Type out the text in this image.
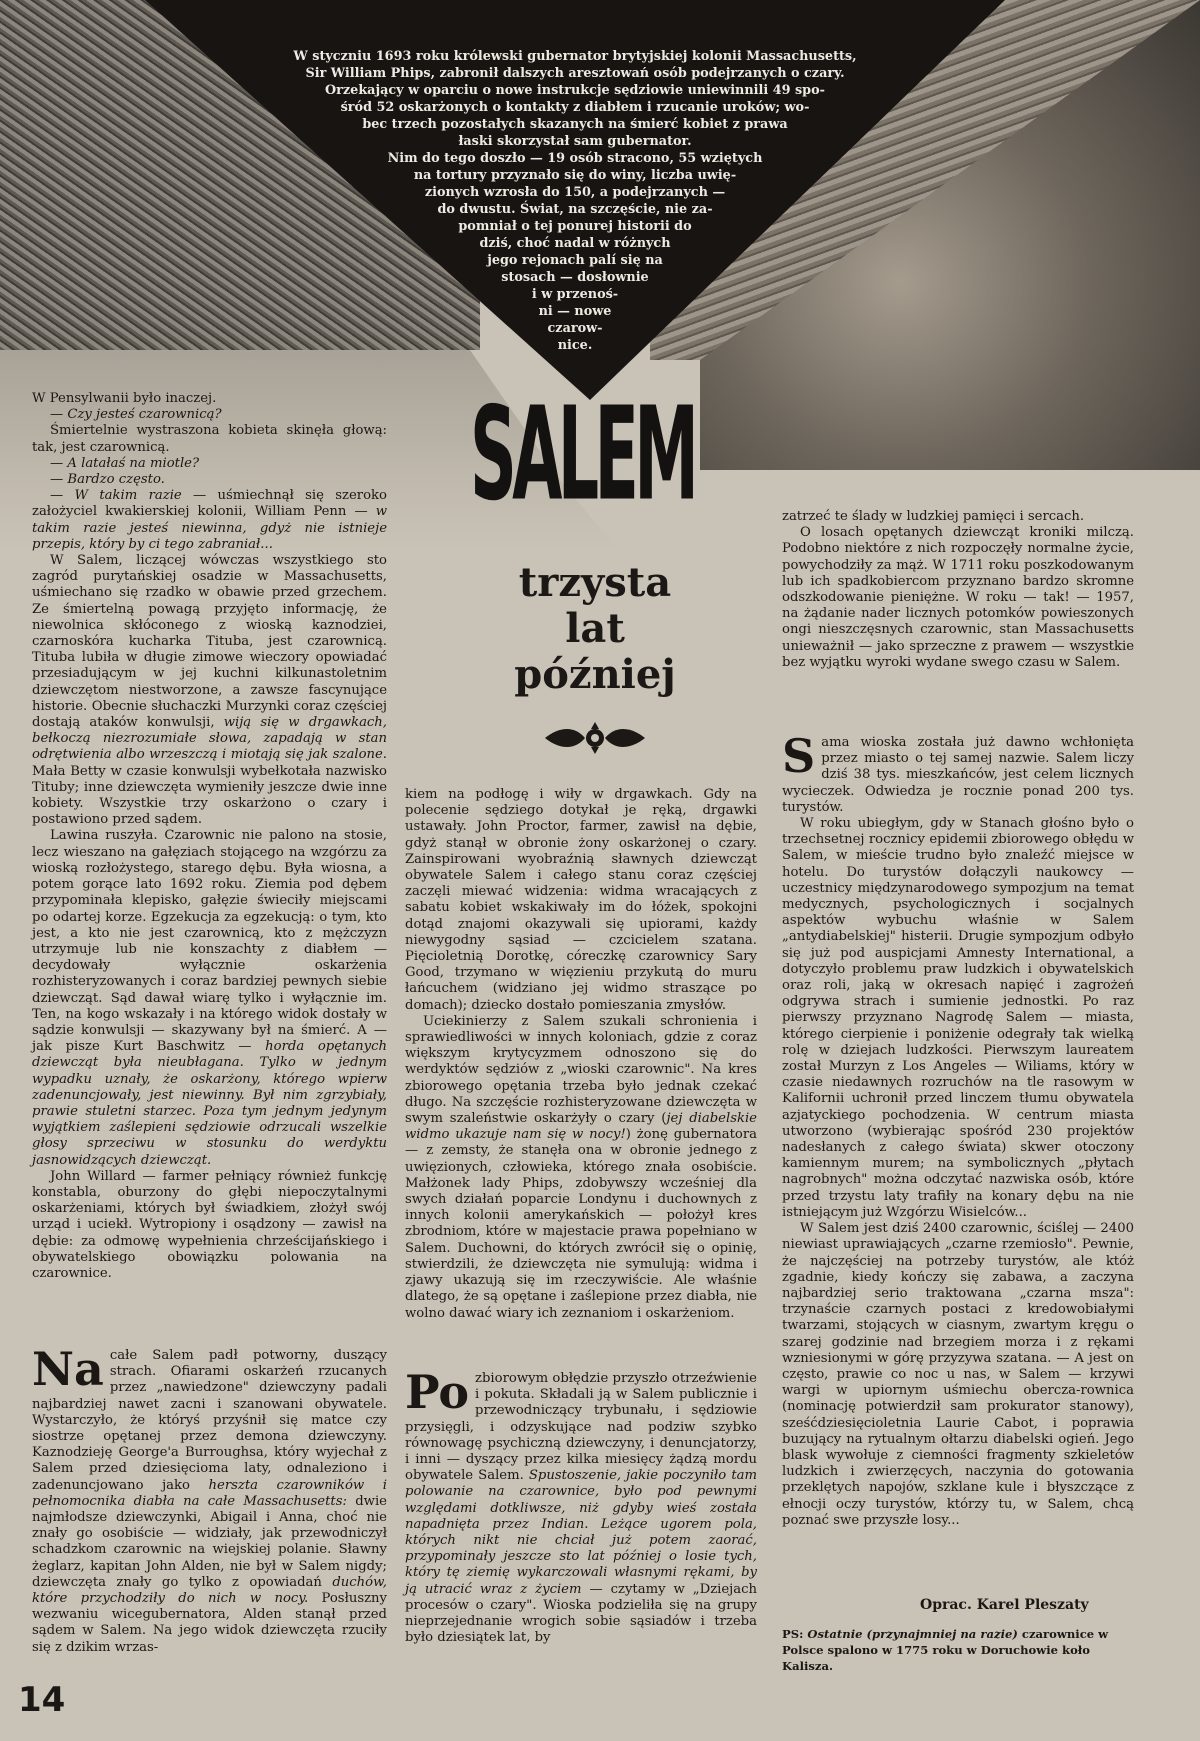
W styczniu 1693 roku królewski gubernator brytyjskiej kolonii Massachusetts,
Sir William Phips, zabronił dalszych aresztowań osób podejrzanych o czary.
Orzekający w oparciu o nowe instrukcje sędziowie uniewinnili 49 spo-
śród 52 oskarżonych o kontakty z diabłem i rzucanie uroków; wo-
bec trzech pozostałych skazanych na śmierć kobiet z prawa
łaski skorzystał sam gubernator.
Nim do tego doszło — 19 osób stracono, 55 wziętych
na tortury przyznało się do winy, liczba uwię-
zionych wzrosła do 150, a podejrzanych —
do dwustu. Świat, na szczęście, nie za-
pomniał o tej ponurej historii do
dziś, choć nadal w różnych
jego rejonach palí się na
stosach — dosłownie
i w przenoś-
ni — nowe
czarow-
nice.
SALEM
trzysta
lat
później

W Pensylwanii było inaczej.

— Czy jesteś czarownicą?

Śmiertelnie wystraszona kobieta skinęła głową: tak, jest czarownicą.

— A latałaś na miotle?

— Bardzo często.

— W takim razie — uśmiechnął się szeroko założyciel kwakierskiej kolonii, William Penn — w takim razie jesteś niewinna, gdyż nie istnieje przepis, który by ci tego zabraniał...

W Salem, liczącej wówczas wszystkiego sto zagród purytańskiej osadzie w Massachusetts, uśmiechano się rzadko w obawie przed grzechem. Ze śmiertelną powagą przyjęto informację, że niewolnica skłóconego z wioską kaznodziei, czarnoskóra kucharka Tituba, jest czarownicą. Tituba lubiła w długie zimowe wieczory opowiadać przesiadującym w jej kuchni kilkunastoletnim dziewczętom niestworzone, a zawsze fascynujące historie. Obecnie słuchaczki Murzynki coraz częściej dostają ataków konwulsji, wiją się w drgawkach, bełkoczą niezrozumiałe słowa, zapadają w stan odrętwienia albo wrzeszczą i miotają się jak szalone. Mała Betty w czasie konwulsji wybełkotała nazwisko Tituby; inne dziewczęta wymieniły jeszcze dwie inne kobiety. Wszystkie trzy oskarżono o czary i postawiono przed sądem.

Lawina ruszyła. Czarownic nie palono na stosie, lecz wieszano na gałęziach stojącego na wzgórzu za wioską rozłożystego, starego dębu. Była wiosna, a potem gorące lato 1692 roku. Ziemia pod dębem przypominała klepisko, gałęzie świeciły miejscami po odartej korze. Egzekucja za egzekucją: o tym, kto jest, a kto nie jest czarownicą, kto z mężczyzn utrzymuje lub nie konszachty z diabłem — decydowały wyłącznie oskarżenia rozhisteryzowanych i coraz bardziej pewnych siebie dziewcząt. Sąd dawał wiarę tylko i wyłącznie im. Ten, na kogo wskazały i na którego widok dostały w sądzie konwulsji — skazywany był na śmierć. A — jak pisze Kurt Baschwitz — horda opętanych dziewcząt była nieubłagana. Tylko w jednym wypadku uznały, że oskarżony, którego wpierw zadenuncjowały, jest niewinny. Był nim zgrzybiały, prawie stuletni starzec. Poza tym jednym jedynym wyjątkiem zaślepieni sędziowie odrzucali wszelkie głosy sprzeciwu w stosunku do werdyktu jasnowidzących dziewcząt.

John Willard — farmer pełniący również funkcję konstabla, oburzony do głębi niepoczytalnymi oskarżeniami, których był świadkiem, złożył swój urząd i uciekł. Wytropiony i osądzony — zawisł na dębie: za odmowę wypełnienia chrześcijańskiego i obywatelskiego obowiązku polowania na czarownice.

Na całe Salem padł potworny, duszący strach. Ofiarami oskarżeń rzucanych przez „nawiedzone" dziewczyny padali najbardziej nawet zacni i szanowani obywatele. Wystarczyło, że któryś przyśnił się matce czy siostrze opętanej przez demona dziewczyny. Kaznodzieję George'a Burroughsa, który wyjechał z Salem przed dziesięcioma laty, odnaleziono i zadenuncjowano jako herszta czarowników i pełnomocnika diabła na całe Massachusetts: dwie najmłodsze dziewczynki, Abigail i Anna, choć nie znały go osobiście — widziały, jak przewodniczył schadzkom czarownic na wiejskiej polanie. Sławny żeglarz, kapitan John Alden, nie był w Salem nigdy; dziewczęta znały go tylko z opowiadań duchów, które przychodziły do nich w nocy. Posłuszny wezwaniu wicegubernatora, Alden stanął przed sądem w Salem. Na jego widok dziewczęta rzuciły się z dzikim wrzas-

kiem na podłogę i wiły w drgawkach. Gdy na polecenie sędziego dotykał je ręką, drgawki ustawały. John Proctor, farmer, zawisł na dębie, gdyż stanął w obronie żony oskarżonej o czary. Zainspirowani wyobraźnią sławnych dziewcząt obywatele Salem i całego stanu coraz częściej zaczęli miewać widzenia: widma wracających z sabatu kobiet wskakiwały im do łóżek, spokojni dotąd znajomi okazywali się upiorami, każdy niewygodny sąsiad — czcicielem szatana. Pięcioletnią Dorotkę, córeczkę czarownicy Sary Good, trzymano w więzieniu przykutą do muru łańcuchem (widziano jej widmo straszące po domach); dziecko dostało pomieszania zmysłów.

Uciekinierzy z Salem szukali schronienia i sprawiedliwości w innych koloniach, gdzie z coraz większym krytycyzmem odnoszono się do werdyktów sędziów z „wioski czarownic". Na kres zbiorowego opętania trzeba było jednak czekać długo. Na szczęście rozhisteryzowane dziewczęta w swym szaleństwie oskarżyły o czary (jej diabelskie widmo ukazuje nam się w nocy!) żonę gubernatora — z zemsty, że stanęła ona w obronie jednego z uwięzionych, człowieka, którego znała osobiście. Małżonek lady Phips, zdobywszy wcześniej dla swych działań poparcie Londynu i duchownych z innych kolonii amerykańskich — położył kres zbrodniom, które w majestacie prawa popełniano w Salem. Duchowni, do których zwrócił się o opinię, stwierdzili, że dziewczęta nie symulują: widma i zjawy ukazują się im rzeczywiście. Ale właśnie dlatego, że są opętane i zaślepione przez diabła, nie wolno dawać wiary ich zeznaniom i oskarżeniom.

Po zbiorowym obłędzie przyszło otrzeźwienie i pokuta. Składali ją w Salem publicznie i przewodniczący trybunału, i sędziowie przysięgli, i odzyskujące nad podziw szybko równowagę psychiczną dziewczyny, i denuncjatorzy, i inni — dyszący przez kilka miesięcy żądzą mordu obywatele Salem. Spustoszenie, jakie poczyniło tam polowanie na czarownice, było pod pewnymi względami dotkliwsze, niż gdyby wieś została napadnięta przez Indian. Leżące ugorem pola, których nikt nie chciał już potem zaorać, przypominały jeszcze sto lat później o losie tych, który tę ziemię wykarczowali własnymi rękami, by ją utracić wraz z życiem — czytamy w „Dziejach procesów o czary". Wioska podzieliła się na grupy nieprzejednanie wrogich sobie sąsiadów i trzeba było dziesiątek lat, by

zatrzeć te ślady w ludzkiej pamięci i sercach.

O losach opętanych dziewcząt kroniki milczą. Podobno niektóre z nich rozpoczęły normalne życie, powychodziły za mąż. W 1711 roku poszkodowanym lub ich spadkobiercom przyznano bardzo skromne odszkodowanie pieniężne. W roku — tak! — 1957, na żądanie nader licznych potomków powieszonych ongi nieszczęsnych czarownic, stan Massachusetts unieważnił — jako sprzeczne z prawem — wszystkie bez wyjątku wyroki wydane swego czasu w Salem.

Sama wioska została już dawno wchłonięta przez miasto o tej samej nazwie. Salem liczy dziś 38 tys. mieszkańców, jest celem licznych wycieczek. Odwiedza je rocznie ponad 200 tys. turystów.

W roku ubiegłym, gdy w Stanach głośno było o trzechsetnej rocznicy epidemii zbiorowego obłędu w Salem, w mieście trudno było znaleźć miejsce w hotelu. Do turystów dołączyli naukowcy — uczestnicy międzynarodowego sympozjum na temat medycznych, psychologicznych i socjalnych aspektów wybuchu właśnie w Salem „antydiabelskiej" histerii. Drugie sympozjum odbyło się już pod auspicjami Amnesty International, a dotyczyło problemu praw ludzkich i obywatelskich oraz roli, jaką w okresach napięć i zagrożeń odgrywa strach i sumienie jednostki. Po raz pierwszy przyznano Nagrodę Salem — miasta, którego cierpienie i poniżenie odegrały tak wielką rolę w dziejach ludzkości. Pierwszym laureatem został Murzyn z Los Angeles — Wiliams, który w czasie niedawnych rozruchów na tle rasowym w Kalifornii uchronił przed linczem tłumu obywatela azjatyckiego pochodzenia. W centrum miasta utworzono (wybierając spośród 230 projektów nadesłanych z całego świata) skwer otoczony kamiennym murem; na symbolicznych „płytach nagrobnych" można odczytać nazwiska osób, które przed trzystu laty trafiły na konary dębu na nie istniejącym już Wzgórzu Wisielców...

W Salem jest dziś 2400 czarownic, ściślej — 2400 niewiast uprawiających „czarne rzemiosło". Pewnie, że najczęściej na potrzeby turystów, ale któż zgadnie, kiedy kończy się zabawa, a zaczyna najbardziej serio traktowana „czarna msza": trzynaście czarnych postaci z kredowobiałymi twarzami, stojących w ciasnym, zwartym kręgu o szarej godzinie nad brzegiem morza i z rękami wzniesionymi w górę przyzywa szatana. — A jest on często, prawie co noc u nas, w Salem — krzywi wargi w upiornym uśmiechu obercza-rownica (nominację potwierdził sam prokurator stanowy), sześćdziesięcioletnia Laurie Cabot, i poprawia buzujący na rytualnym ołtarzu diabelski ogień. Jego blask wywołuje z ciemności fragmenty szkieletów ludzkich i zwierzęcych, naczynia do gotowania przeklętych napojów, szklane kule i błyszczące z ełnocji oczy turystów, którzy tu, w Salem, chcą poznać swe przyszłe losy...

Oprac. Karel Pleszaty
PS: Ostatnie (przynajmniej na razie) czarownice w Polsce spalono w 1775 roku w Doruchowie koło Kalisza.
14
